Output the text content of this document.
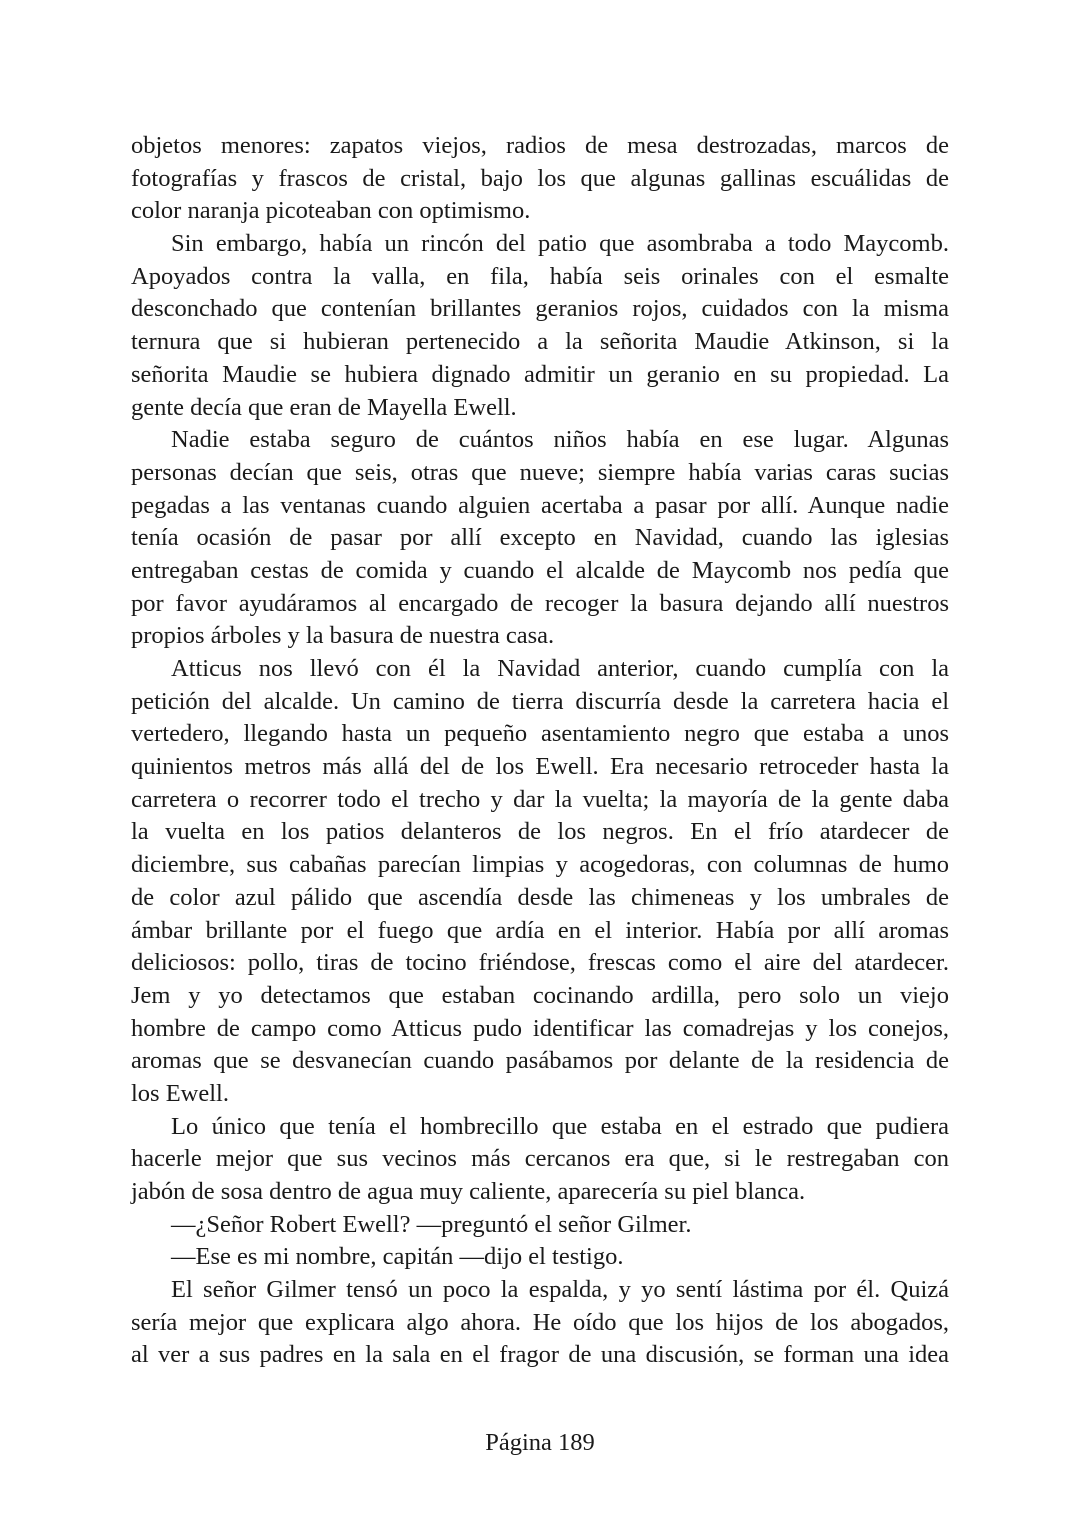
objetos menores: zapatos viejos, radios de mesa destrozadas, marcos de
fotografías y frascos de cristal, bajo los que algunas gallinas escuálidas de
color naranja picoteaban con optimismo.
Sin embargo, había un rincón del patio que asombraba a todo Maycomb.
Apoyados contra la valla, en fila, había seis orinales con el esmalte
desconchado que contenían brillantes geranios rojos, cuidados con la misma
ternura que si hubieran pertenecido a la señorita Maudie Atkinson, si la
señorita Maudie se hubiera dignado admitir un geranio en su propiedad. La
gente decía que eran de Mayella Ewell.
Nadie estaba seguro de cuántos niños había en ese lugar. Algunas
personas decían que seis, otras que nueve; siempre había varias caras sucias
pegadas a las ventanas cuando alguien acertaba a pasar por allí. Aunque nadie
tenía ocasión de pasar por allí excepto en Navidad, cuando las iglesias
entregaban cestas de comida y cuando el alcalde de Maycomb nos pedía que
por favor ayudáramos al encargado de recoger la basura dejando allí nuestros
propios árboles y la basura de nuestra casa.
Atticus nos llevó con él la Navidad anterior, cuando cumplía con la
petición del alcalde. Un camino de tierra discurría desde la carretera hacia el
vertedero, llegando hasta un pequeño asentamiento negro que estaba a unos
quinientos metros más allá del de los Ewell. Era necesario retroceder hasta la
carretera o recorrer todo el trecho y dar la vuelta; la mayoría de la gente daba
la vuelta en los patios delanteros de los negros. En el frío atardecer de
diciembre, sus cabañas parecían limpias y acogedoras, con columnas de humo
de color azul pálido que ascendía desde las chimeneas y los umbrales de
ámbar brillante por el fuego que ardía en el interior. Había por allí aromas
deliciosos: pollo, tiras de tocino friéndose, frescas como el aire del atardecer.
Jem y yo detectamos que estaban cocinando ardilla, pero solo un viejo
hombre de campo como Atticus pudo identificar las comadrejas y los conejos,
aromas que se desvanecían cuando pasábamos por delante de la residencia de
los Ewell.
Lo único que tenía el hombrecillo que estaba en el estrado que pudiera
hacerle mejor que sus vecinos más cercanos era que, si le restregaban con
jabón de sosa dentro de agua muy caliente, aparecería su piel blanca.
—¿Señor Robert Ewell? —preguntó el señor Gilmer.
—Ese es mi nombre, capitán —dijo el testigo.
El señor Gilmer tensó un poco la espalda, y yo sentí lástima por él. Quizá
sería mejor que explicara algo ahora. He oído que los hijos de los abogados,
al ver a sus padres en la sala en el fragor de una discusión, se forman una idea
Página 189
